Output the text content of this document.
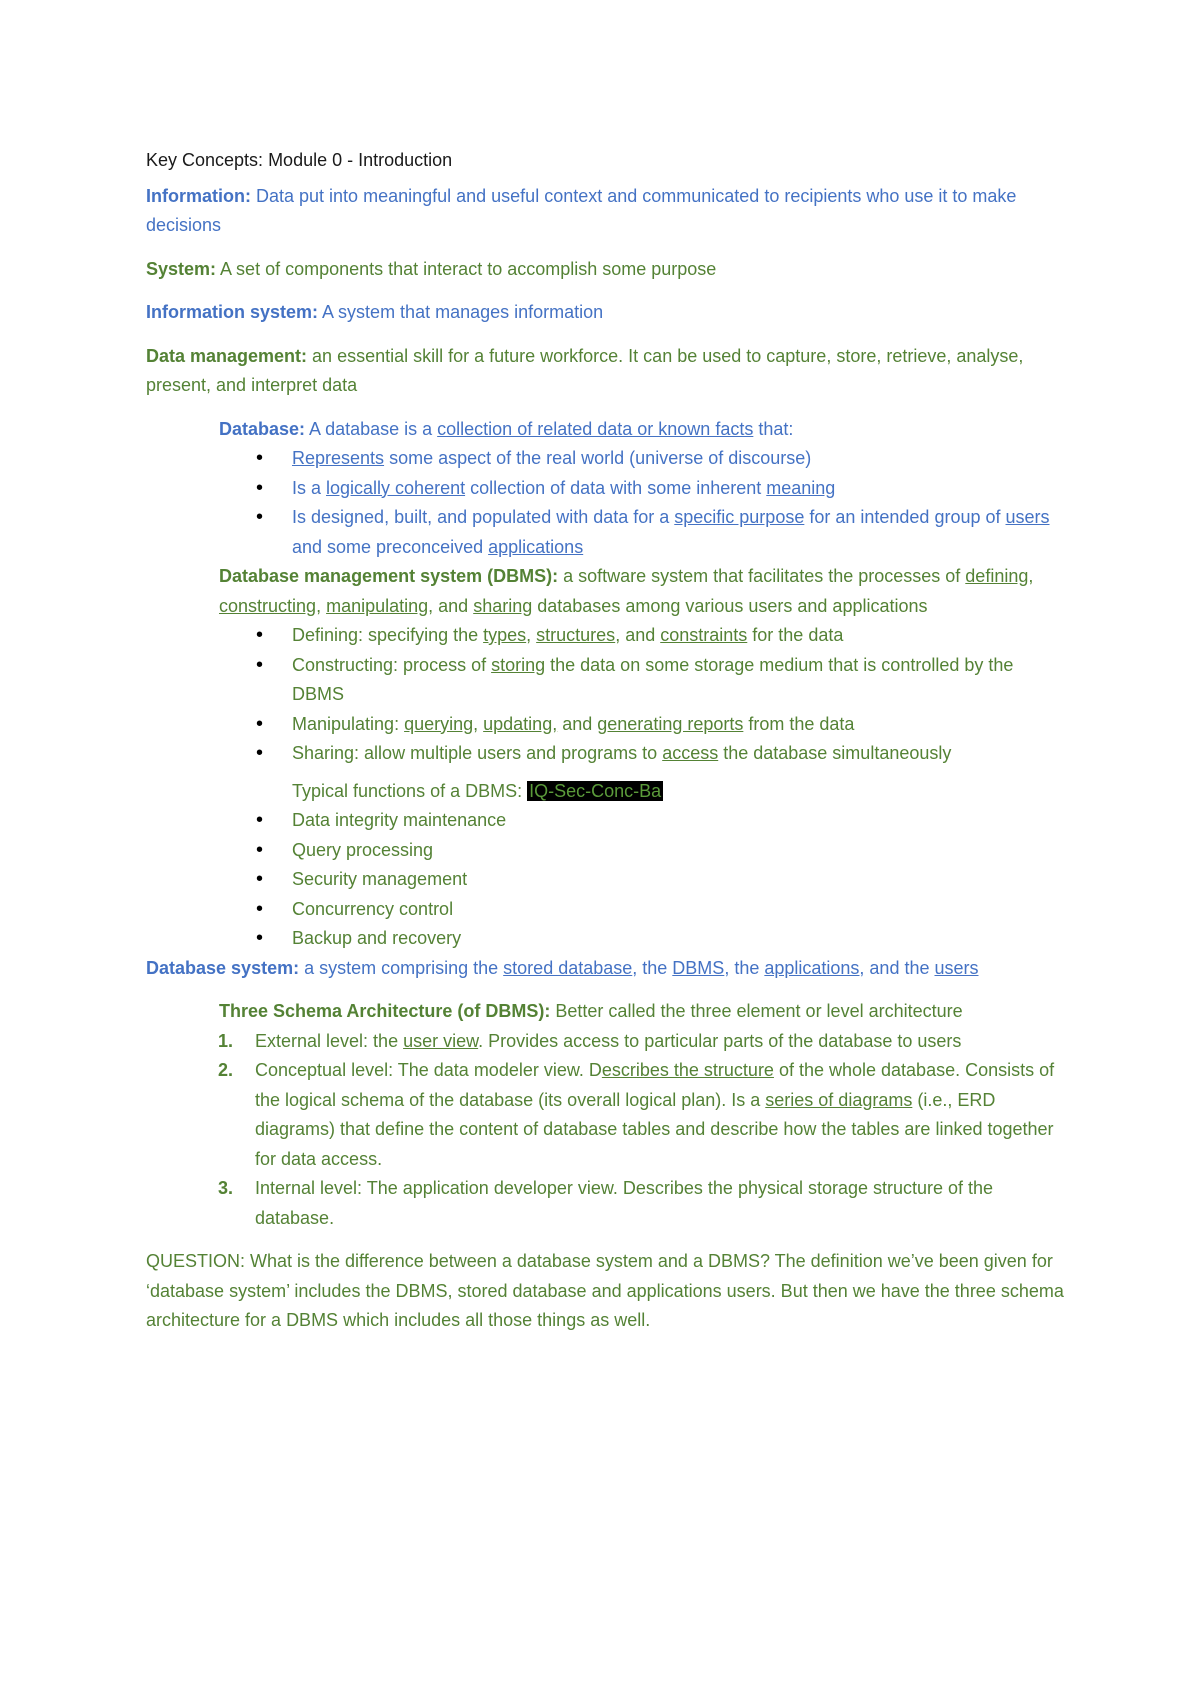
Key Concepts: Module 0 - Introduction
Information: Data put into meaningful and useful context and communicated to recipients who use it to make decisions
System: A set of components that interact to accomplish some purpose
Information system: A system that manages information
Data management: an essential skill for a future workforce. It can be used to capture, store, retrieve, analyse, present, and interpret data
Database: A database is a collection of related data or known facts that:
• Represents some aspect of the real world (universe of discourse)
• Is a logically coherent collection of data with some inherent meaning
• Is designed, built, and populated with data for a specific purpose for an intended group of users and some preconceived applications
Database management system (DBMS): a software system that facilitates the processes of defining, constructing, manipulating, and sharing databases among various users and applications
• Defining: specifying the types, structures, and constraints for the data
• Constructing: process of storing the data on some storage medium that is controlled by the DBMS
• Manipulating: querying, updating, and generating reports from the data
• Sharing: allow multiple users and programs to access the database simultaneously
Typical functions of a DBMS: IQ-Sec-Conc-Ba
• Data integrity maintenance
• Query processing
• Security management
• Concurrency control
• Backup and recovery
Database system: a system comprising the stored database, the DBMS, the applications, and the users
Three Schema Architecture (of DBMS): Better called the three element or level architecture
1. External level: the user view. Provides access to particular parts of the database to users
2. Conceptual level: The data modeler view. Describes the structure of the whole database. Consists of the logical schema of the database (its overall logical plan). Is a series of diagrams (i.e., ERD diagrams) that define the content of database tables and describe how the tables are linked together for data access.
3. Internal level: The application developer view. Describes the physical storage structure of the database.
QUESTION: What is the difference between a database system and a DBMS? The definition we’ve been given for ‘database system’ includes the DBMS, stored database and applications users. But then we have the three schema architecture for a DBMS which includes all those things as well.
